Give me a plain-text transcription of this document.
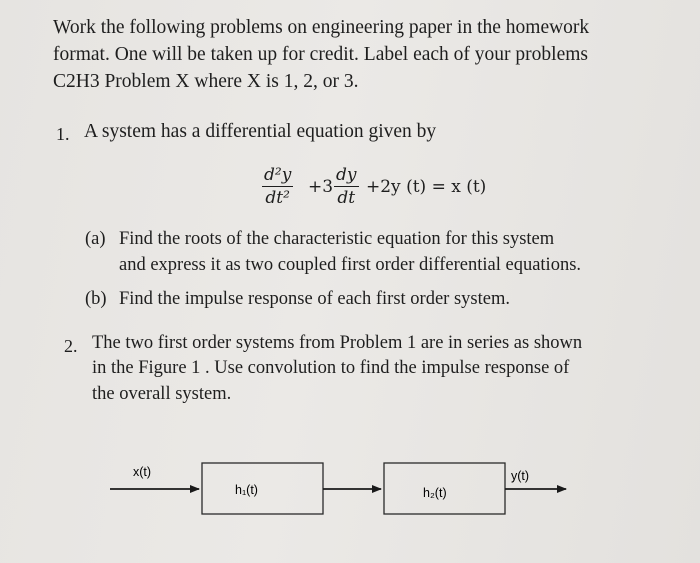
Work the following problems on engineering paper in the homework
format. One will be taken up for credit. Label each of your problems
C2H3 Problem X where X is 1, 2, or 3.
1. A system has a differential equation given by
$\frac{\text{d²y}}{\text{dt²}} +3 \frac{dy}{dt} +2y$ (t) = x (t)
(a) Find the roots of the characteristic equation for this system
and express it as two coupled first order differential equations.
(b) Find the impulse response of each first order system.
2. The two first order systems from Problem 1 are in series as shown
in the Figure 1 . Use convolution to find the impulse response of
the overall system.
x(t)
h₁(t)	h₂(t)
y(t)
